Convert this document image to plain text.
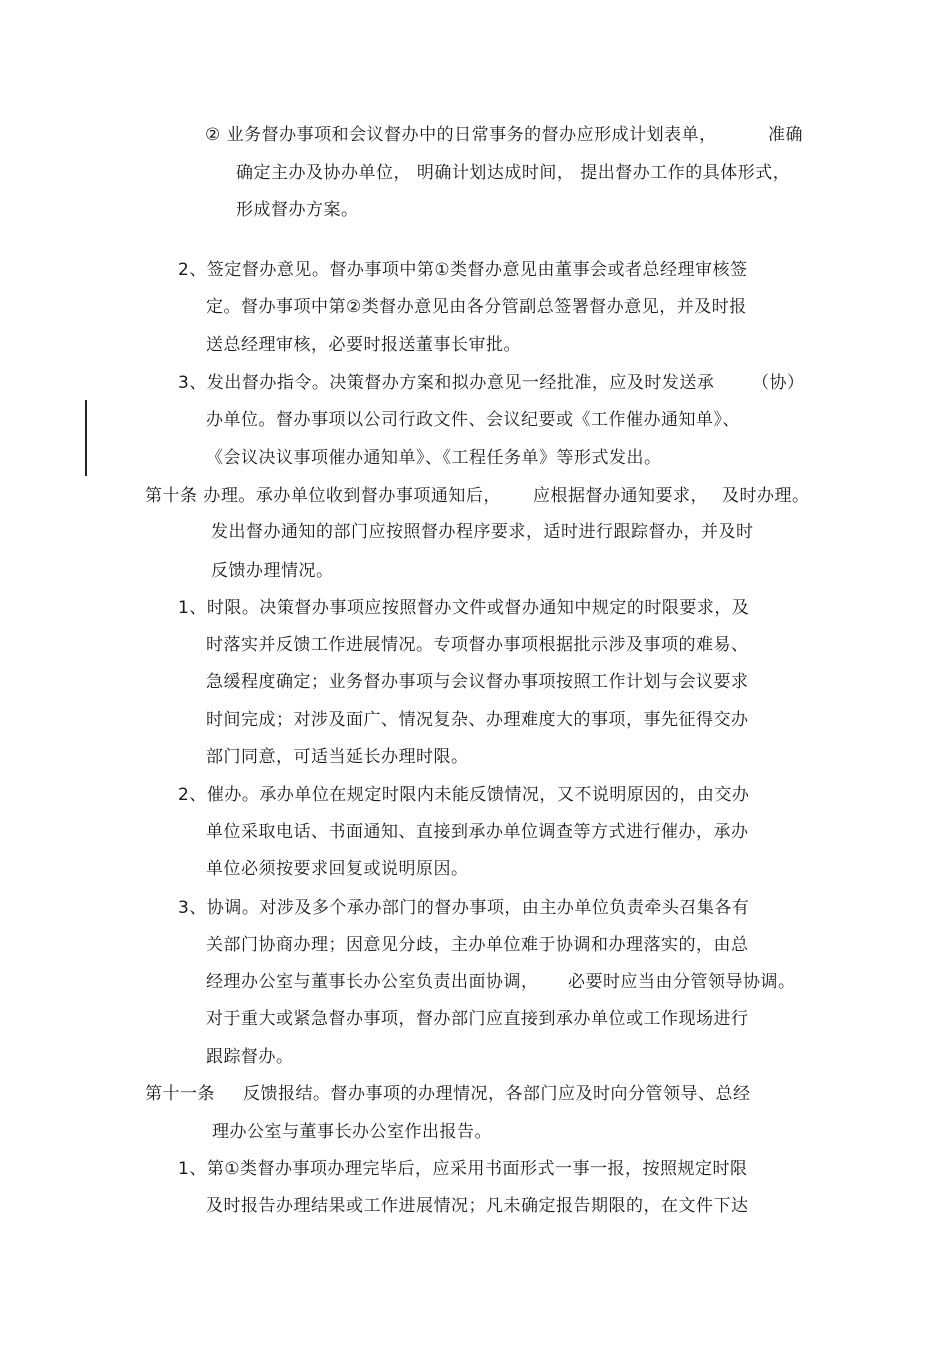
② 业务督办事项和会议督办中的日常事务的督办应形成计划表单，	准确
确定主办及协办单位， 明确计划达成时间， 提出督办工作的具体形式，
形成督办方案。
2、签定督办意见。督办事项中第①类督办意见由董事会或者总经理审核签
定。督办事项中第②类督办意见由各分管副总签署督办意见，并及时报
送总经理审核，必要时报送董事长审批。
3、发出督办指令。决策督办方案和拟办意见一经批准，应及时发送承 （协）
办单位。督办事项以公司行政文件、会议纪要或《工作催办通知单》、
《会议决议事项催办通知单》、《工程任务单》等形式发出。
第十条 办理。承办单位收到督办事项通知后， 应根据督办通知要求， 及时办理。
发出督办通知的部门应按照督办程序要求，适时进行跟踪督办，并及时
反馈办理情况。
1、时限。决策督办事项应按照督办文件或督办通知中规定的时限要求，及
时落实并反馈工作进展情况。专项督办事项根据批示涉及事项的难易、
急缓程度确定；业务督办事项与会议督办事项按照工作计划与会议要求
时间完成；对涉及面广、情况复杂、办理难度大的事项，事先征得交办
部门同意，可适当延长办理时限。
2、催办。承办单位在规定时限内未能反馈情况，又不说明原因的，由交办
单位采取电话、书面通知、直接到承办单位调查等方式进行催办，承办
单位必须按要求回复或说明原因。
3、协调。对涉及多个承办部门的督办事项，由主办单位负责牵头召集各有
关部门协商办理；因意见分歧，主办单位难于协调和办理落实的，由总
经理办公室与董事长办公室负责出面协调， 必要时应当由分管领导协调。
对于重大或紧急督办事项，督办部门应直接到承办单位或工作现场进行
跟踪督办。
第十一条 反馈报结。督办事项的办理情况，各部门应及时向分管领导、总经
理办公室与董事长办公室作出报告。
1、第①类督办事项办理完毕后，应采用书面形式一事一报，按照规定时限
及时报告办理结果或工作进展情况；凡未确定报告期限的，在文件下达
